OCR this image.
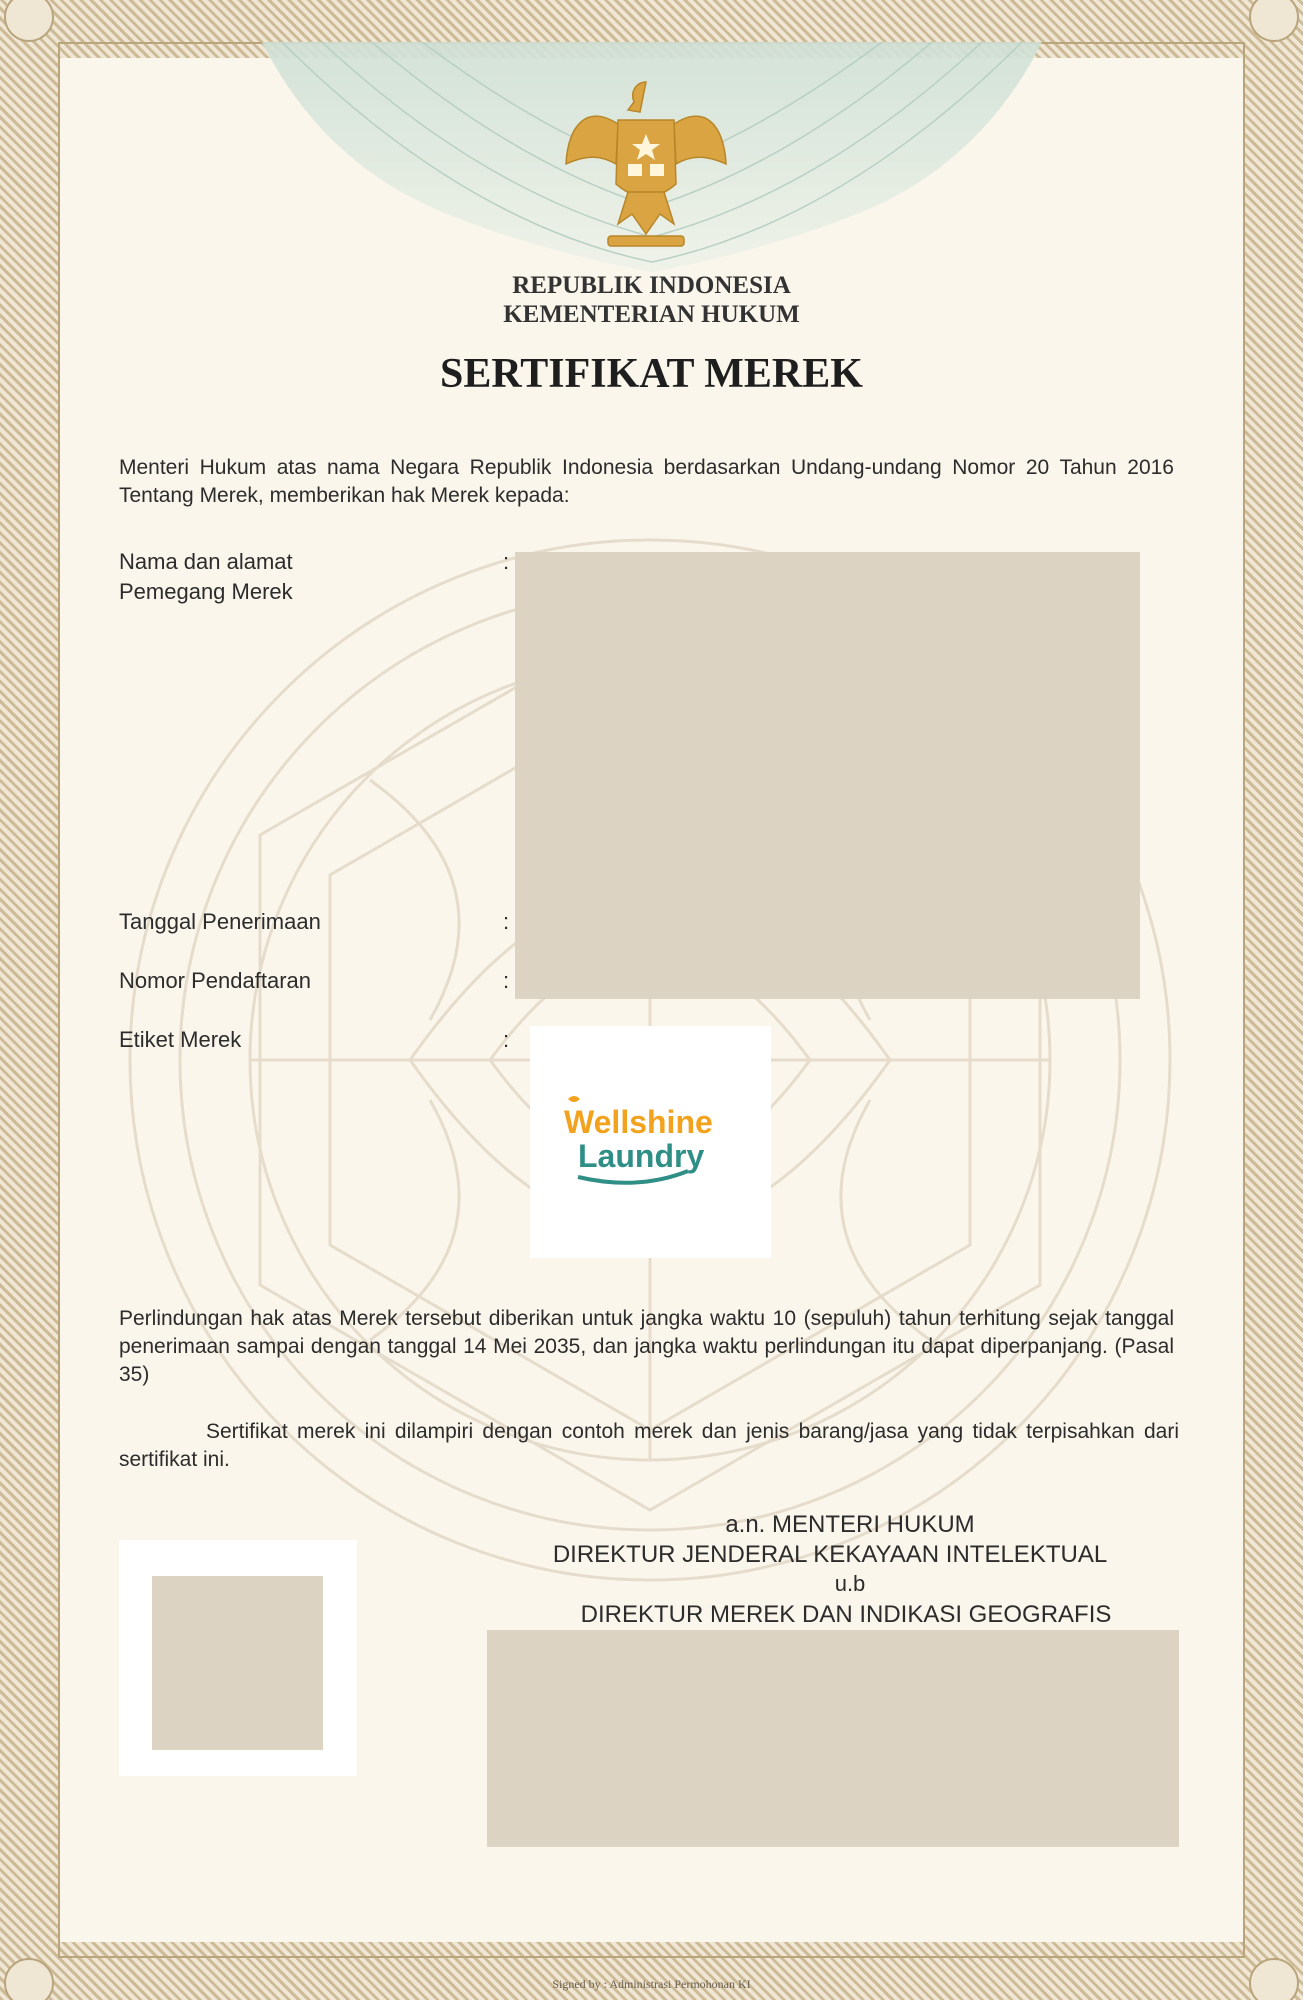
REPUBLIK INDONESIA
KEMENTERIAN HUKUM
SERTIFIKAT MEREK
Menteri Hukum atas nama Negara Republik Indonesia berdasarkan Undang-undang Nomor 20 Tahun 2016 Tentang Merek, memberikan hak Merek kepada:
Nama dan alamat
Pemegang Merek
:
Tanggal Penerimaan	:
Nomor Pendaftaran	:
Etiket Merek	:
Wellshine
Laundry
Perlindungan hak atas Merek tersebut diberikan untuk jangka waktu 10 (sepuluh) tahun terhitung sejak tanggal penerimaan sampai dengan tanggal 14 Mei 2035, dan jangka waktu perlindungan itu dapat diperpanjang. (Pasal 35)
Sertifikat merek ini dilampiri dengan contoh merek dan jenis barang/jasa yang tidak terpisahkan dari sertifikat ini.
a.n. MENTERI HUKUM
DIREKTUR JENDERAL KEKAYAAN INTELEKTUAL
u.b
DIREKTUR MEREK DAN INDIKASI GEOGRAFIS
Signed by : Administrasi Permohonan KI
